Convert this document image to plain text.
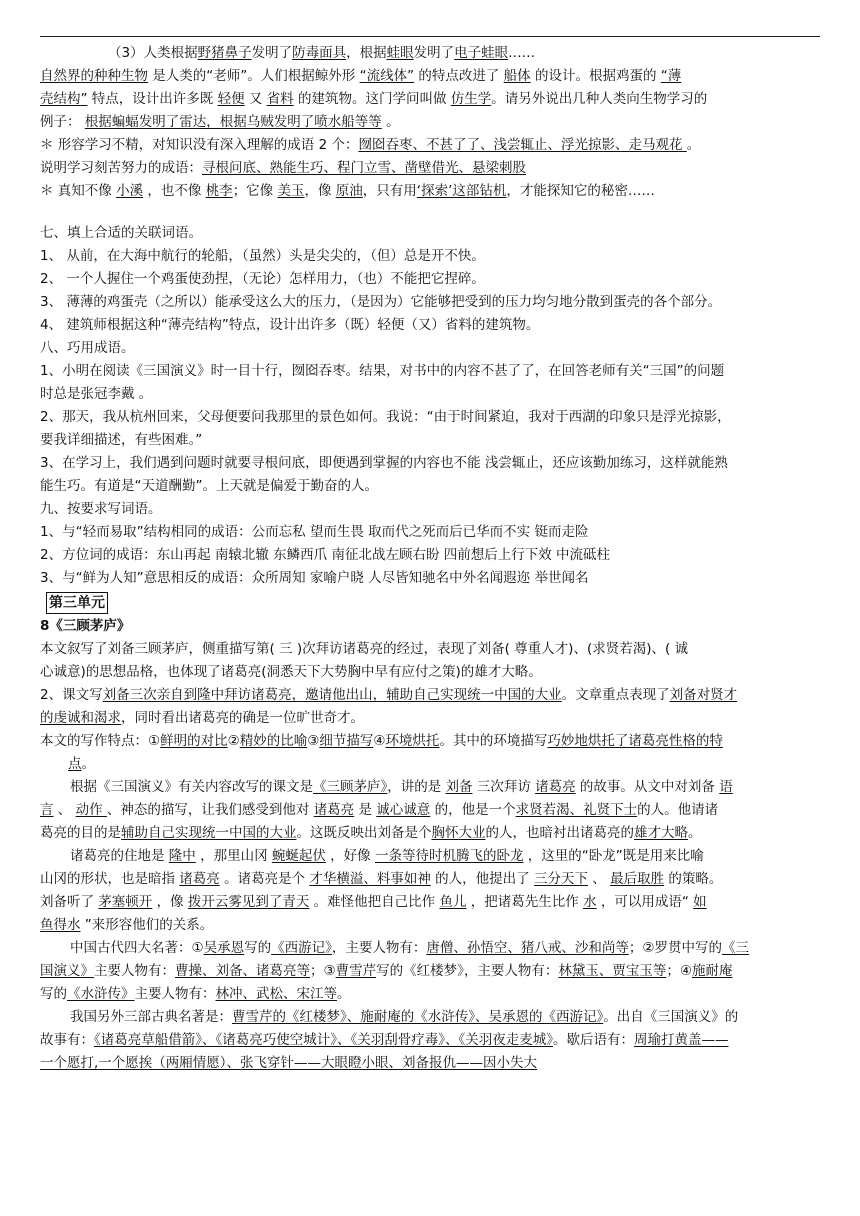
（3）人类根据野猪鼻子发明了防毒面具，根据蛙眼发明了电子蛙眼……
自然界的种种生物 是人类的“老师”。人们根据鲸外形 “流线体” 的特点改进了 船体 的设计。根据鸡蛋的 “薄
壳结构” 特点，设计出许多既 轻便 又 省料 的建筑物。这门学问叫做 仿生学。请另外说出几种人类向生物学习的
例子： 根据蝙蝠发明了雷达，根据乌贼发明了喷水船等等 。
＊ 形容学习不精，对知识没有深入理解的成语 2 个：囫囵吞枣、不甚了了、浅尝辄止、浮光掠影、走马观花 。
说明学习刻苦努力的成语：寻根问底、熟能生巧、程门立雪、凿壁借光、悬梁刺股
＊ 真知不像 小溪 ，也不像 桃李；它像 美玉，像 原油，只有用‘探索’这部钻机，才能探知它的秘密……
七、填上合适的关联词语。
1、 从前，在大海中航行的轮船，（虽然）头是尖尖的，（但）总是开不快。
2、 一个人握住一个鸡蛋使劲捏，（无论）怎样用力，（也）不能把它捏碎。
3、 薄薄的鸡蛋壳（之所以）能承受这么大的压力，（是因为）它能够把受到的压力均匀地分散到蛋壳的各个部分。
4、 建筑师根据这种“薄壳结构”特点，设计出许多（既）轻便（又）省料的建筑物。
八、巧用成语。
1、小明在阅读《三国演义》时一目十行，囫囵吞枣。结果，对书中的内容不甚了了，在回答老师有关“三国”的问题
时总是张冠李戴 。
2、那天，我从杭州回来，父母便要问我那里的景色如何。我说：“由于时间紧迫，我对于西湖的印象只是浮光掠影，
要我详细描述，有些困难。”
3、在学习上，我们遇到问题时就要寻根问底，即便遇到掌握的内容也不能 浅尝辄止，还应该勤加练习，这样就能熟
能生巧。有道是“天道酬勤”。上天就是偏爱于勤奋的人。
九、按要求写词语。
1、与“轻而易取”结构相同的成语：公而忘私 望而生畏 取而代之死而后已华而不实 铤而走险
2、方位词的成语：东山再起 南辕北辙 东鳞西爪 南征北战左顾右盼 四前想后上行下效 中流砥柱
3、与“鲜为人知”意思相反的成语：众所周知 家喻户晓 人尽皆知驰名中外名闻遐迩 举世闻名
第三单元
8《三顾茅庐》
本文叙写了刘备三顾茅庐，侧重描写第( 三 )次拜访诸葛亮的经过，表现了刘备( 尊重人才)、(求贤若渴)、( 诚
心诚意)的思想品格，也体现了诸葛亮(洞悉天下大势胸中早有应付之策)的雄才大略。
2、课文写刘备三次亲自到隆中拜访诸葛亮，邀请他出山，辅助自己实现统一中国的大业。文章重点表现了刘备对贤才
的虔诚和渴求，同时看出诸葛亮的确是一位旷世奇才。
本文的写作特点：①鲜明的对比②精妙的比喻③细节描写④环境烘托。其中的环境描写巧妙地烘托了诸葛亮性格的特
点。
根据《三国演义》有关内容改写的课文是《三顾茅庐》，讲的是 刘备 三次拜访 诸葛亮 的故事。从文中对刘备 语
言 、 动作 、神态的描写，让我们感受到他对 诸葛亮 是 诚心诚意 的，他是一个求贤若渴、礼贤下士的人。他请诸
葛亮的目的是辅助自己实现统一中国的大业。这既反映出刘备是个胸怀大业的人，也暗衬出诸葛亮的雄才大略。
诸葛亮的住地是 隆中 ，那里山冈 蜿蜒起伏 ，好像 一条等待时机腾飞的卧龙 ，这里的“卧龙”既是用来比喻
山冈的形状，也是暗指 诸葛亮 。诸葛亮是个 才华横溢、料事如神 的人，他提出了 三分天下 、 最后取胜 的策略。
刘备听了 茅塞顿开 ，像 拨开云雾见到了青天 。难怪他把自己比作 鱼儿 ，把诸葛先生比作 水 ，可以用成语“ 如
鱼得水 ”来形容他们的关系。
中国古代四大名著：①吴承恩写的《西游记》，主要人物有：唐僧、孙悟空、猪八戒、沙和尚等；②罗贯中写的《三
国演义》主要人物有：曹操、刘备、诸葛亮等；③曹雪芹写的《红楼梦》，主要人物有：林黛玉、贾宝玉等；④施耐庵
写的《水浒传》主要人物有：林冲、武松、宋江等。
我国另外三部古典名著是：曹雪芹的《红楼梦》、施耐庵的《水浒传》、吴承恩的《西游记》。出自《三国演义》的
故事有：《诸葛亮草船借箭》、《诸葛亮巧使空城计》、《关羽刮骨疗毒》、《关羽夜走麦城》。歇后语有：周瑜打黄盖——
一个愿打,一个愿挨（两厢情愿）、张飞穿针——大眼瞪小眼、刘备报仇——因小失大
